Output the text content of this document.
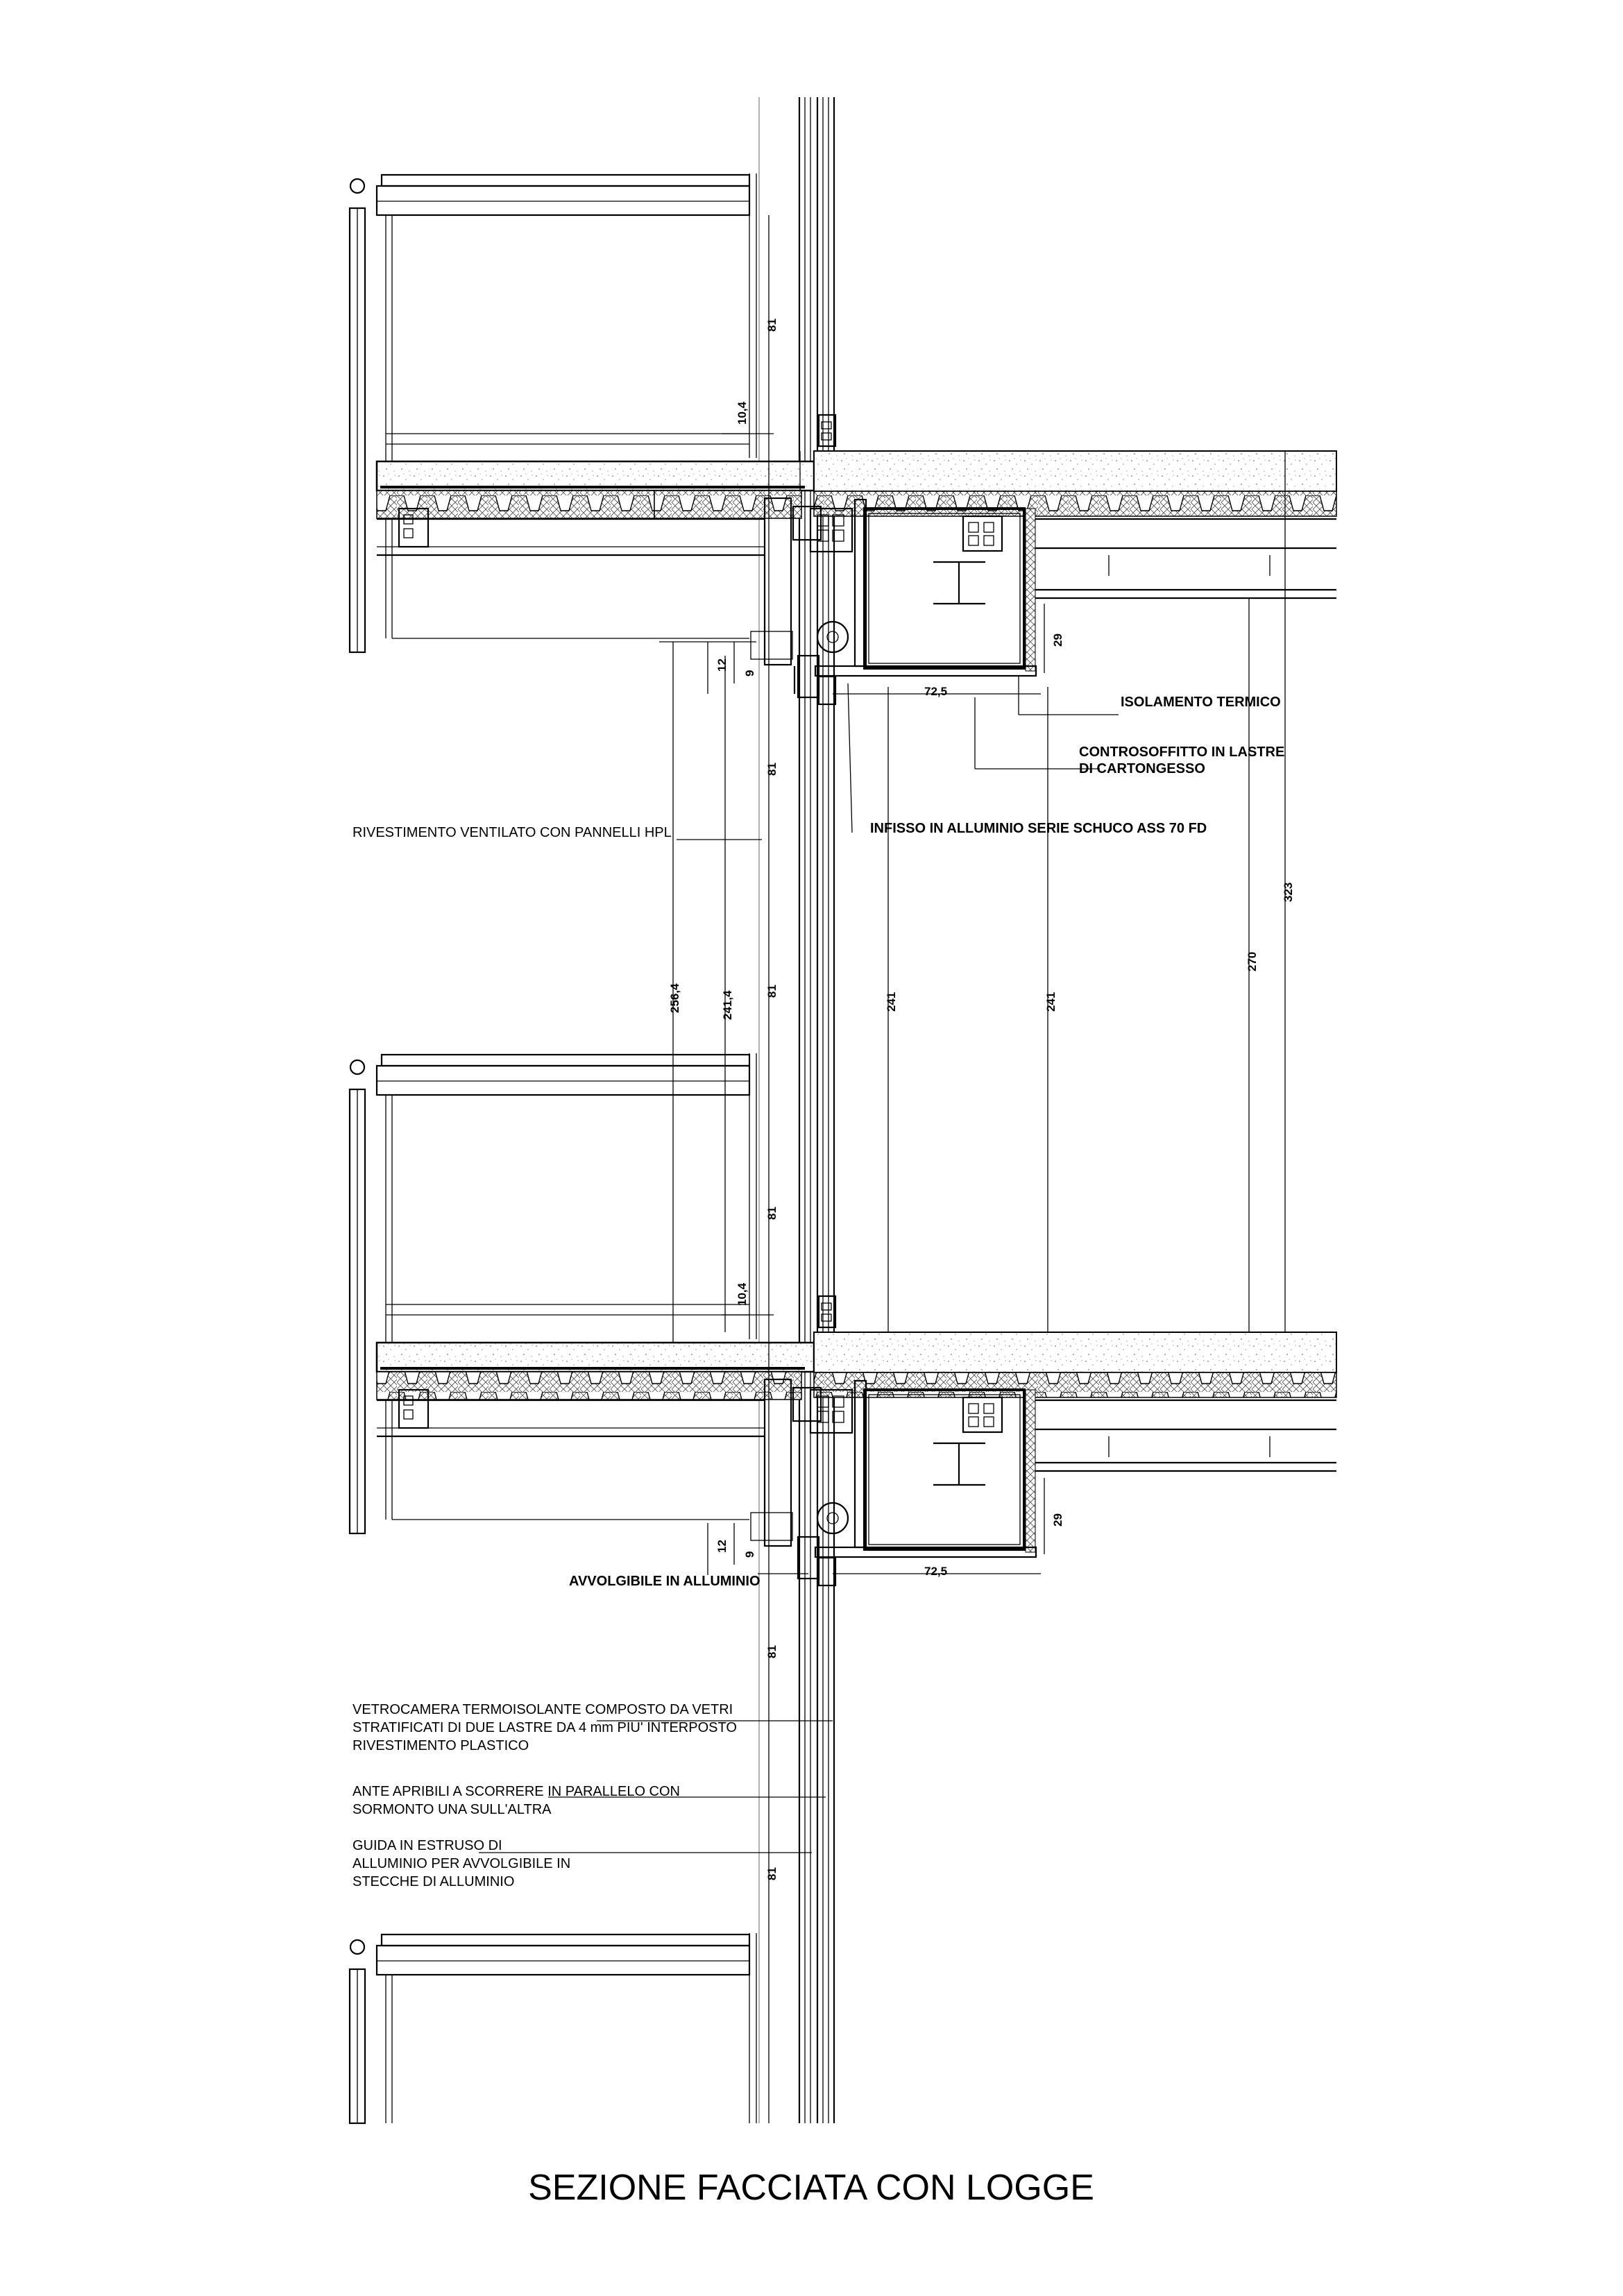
ISOLAMENTO TERMICO
CONTROSOFFITTO IN LASTRE
DI CARTONGESSO
INFISSO IN ALLUMINIO SERIE SCHUCO ASS 70 FD
RIVESTIMENTO VENTILATO CON PANNELLI HPL
AVVOLGIBILE IN ALLUMINIO
VETROCAMERA TERMOISOLANTE COMPOSTO DA VETRI
STRATIFICATI DI DUE LASTRE DA 4 mm PIU' INTERPOSTO
RIVESTIMENTO PLASTICO
ANTE APRIBILI A SCORRERE IN PARALLELO CON
SORMONTO UNA SULL'ALTRA
GUIDA IN ESTRUSO DI
ALLUMINIO PER AVVOLGIBILE IN
STECCHE DI ALLUMINIO
81
81
81
81
81
81
10,4
10,4
12
9
12
9
72,5
72,5
29
29
256,4	241,4	241	241
270
323
SEZIONE FACCIATA CON LOGGE
